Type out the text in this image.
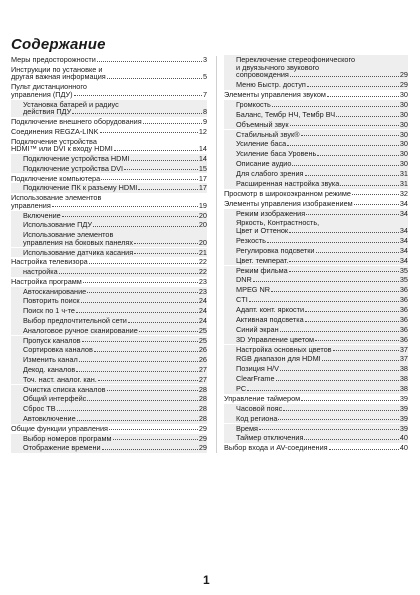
Содержание
Меры предосторожности	3
Инструкции по установке и
другая важная информация	5
Пульт дистанционного
управления (ПДУ)	7
Установка батарей и радиус
действия ПДУ	8
Подключение внешнего оборудования	9
Соединения REGZA-LINK	12
Подключение устройства
HDMI™ или DVI к входу HDMI	14
Подключение устройства HDMI	14
Подключение устройства DVI	15
Подключение компьютера	17
Подключение ПК к разъему HDMI	17
Использование элементов
управления	19
Включение	20
Использование ПДУ	20
Использование элементов
управления на боковых панелях	20
Использование датчика касания	21
Настройка телевизора	22
настройка	22
Настройка программ	23
Автосканирование	23
Повторить поиск	24
Поиск по 1 ч-те	24
Выбор предпочтительной сети	24
Аналоговое ручное сканирование	25
Пропуск каналов	25
Сортировка каналов	26
Изменить канал	26
Декод. каналов	27
Точ. наст. аналог. кан.	27
Очистка списка каналов	28
Общий интерфейс	28
Сброс ТВ	28
Автовключение	28
Общие функции управления	29
Выбор номеров программ	29
Отображение времени	29
Переключение стереофонического
и двуязычного звукового
сопровождения	29
Меню Быстр. доступ	29
Элементы управления звуком	30
Громкость	30
Баланс, Тембр НЧ, Тембр ВЧ	30
Объемный звук	30
Стабильный звук®	30
Усиление баса	30
Усиление баса Уровень	30
Описание аудио	30
Для слабого зрения	31
Расширенная настройка звука	31
Просмотр в широкоэкранном режиме	32
Элементы управления изображением	34
Режим изображения	34
Яркость, Контрастность,
Цвет и Оттенок	34
Резкость	34
Регулировка подсветки	34
Цвет. температ.	34
Режим фильма	35
DNR	35
MPEG NR	36
CTI	36
Адапт. конт. яркости	36
Активная подсветка	36
Синий экран	36
3D Управление цветом	36
Настройка основных цветов	37
RGB диапазон для HDMI	37
Позиция H/V	38
ClearFrame	38
PC	38
Управление таймером	39
Часовой пояс	39
Код региона	39
Время	39
Таймер отключения	40
Выбор входа и AV-соединения	40
1
